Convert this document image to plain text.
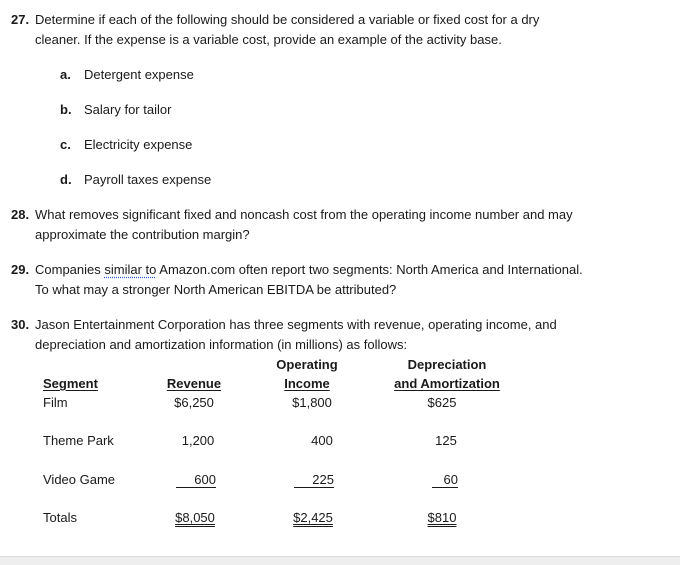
27. Determine if each of the following should be considered a variable or fixed cost for a dry
cleaner. If the expense is a variable cost, provide an example of the activity base.
a. Detergent expense
b. Salary for tailor
c. Electricity expense
d. Payroll taxes expense
28. What removes significant fixed and noncash cost from the operating income number and may
approximate the contribution margin?
29. Companies similar to Amazon.com often report two segments: North America and International.
To what may a stronger North American EBITDA be attributed?
30. Jason Entertainment Corporation has three segments with revenue, operating income, and
depreciation and amortization information (in millions) as follows:
Operating	Depreciation
Segment	Revenue	Income	and Amortization
Film	$6,250	$1,800	$625
Theme Park	1,200	400	125
Video Game	600	225	60
Totals	$8,050	$2,425	$810
